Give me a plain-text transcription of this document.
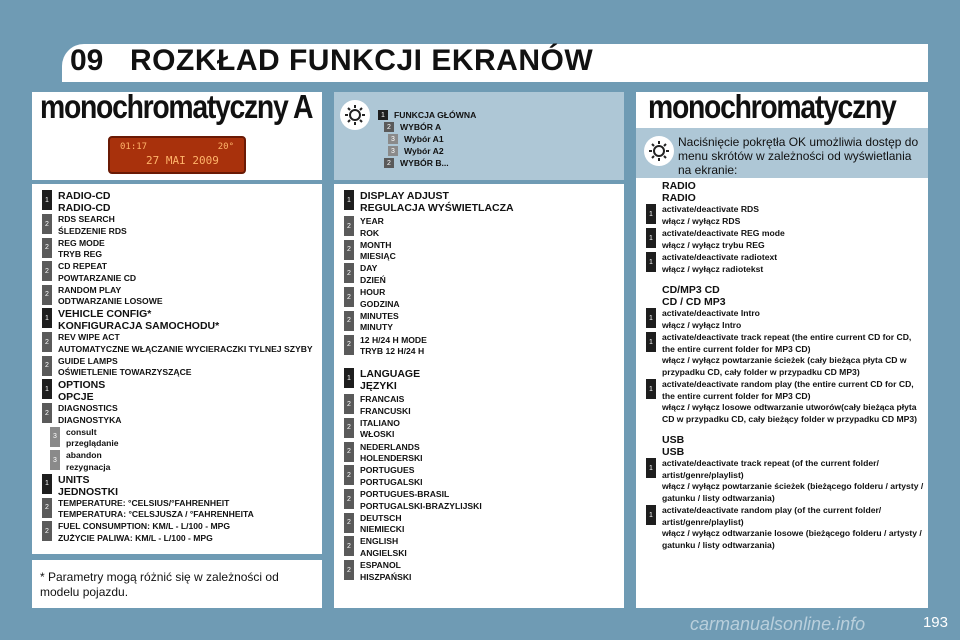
09 ROZKŁAD FUNKCJI EKRANÓW
monochromatyczny A
01:17	20°
27 MAI 2009
1 RADIO-CD
RADIO-CD
2	RDS SEARCH
ŚLEDZENIE RDS
2	REG MODE
TRYB REG
2	CD REPEAT
POWTARZANIE CD
2	RANDOM PLAY
ODTWARZANIE LOSOWE
1 VEHICLE CONFIG*
KONFIGURACJA SAMOCHODU*
2	REV WIPE ACT
AUTOMATYCZNE WŁĄCZANIE WYCIERACZKI TYLNEJ SZYBY
2	GUIDE LAMPS
OŚWIETLENIE TOWARZYSZĄCE
1 OPTIONS
OPCJE
2	DIAGNOSTICS
DIAGNOSTYKA
3	consult
przeglądanie
3	abandon
rezygnacja
1 UNITS
JEDNOSTKI
2	TEMPERATURE: °CELSIUS/°FAHRENHEIT
TEMPERATURA: °CELSJUSZA / °FAHRENHEITA
2	FUEL CONSUMPTION: KM/L - L/100 - MPG
ZUŻYCIE PALIWA: KM/L - L/100 - MPG
* Parametry mogą różnić się w zależności od modelu pojazdu.
1	FUNKCJA GŁÓWNA
2	WYBÓR A
3	Wybór A1
3	Wybór A2
2	WYBÓR B...
1 DISPLAY ADJUST
REGULACJA WYŚWIETLACZA
2	YEAR
ROK
2	MONTH
MIESIĄC
2	DAY
DZIEŃ
2	HOUR
GODZINA
2	MINUTES
MINUTY
2	12 H/24 H MODE
TRYB 12 H/24 H
1 LANGUAGE
JĘZYKI
2	FRANCAIS
FRANCUSKI
2	ITALIANO
WŁOSKI
2	NEDERLANDS
HOLENDERSKI
2	PORTUGUES
PORTUGALSKI
2	PORTUGUES-BRASIL
PORTUGALSKI-BRAZYLIJSKI
2	DEUTSCH
NIEMIECKI
2	ENGLISH
ANGIELSKI
2	ESPANOL
HISZPAŃSKI
monochromatyczny
Naciśnięcie pokrętła OK umożliwia dostęp do menu skrótów w zależności od wyświetlania na ekranie:
RADIO
RADIO
1	activate/deactivate RDS
włącz / wyłącz RDS
1	activate/deactivate REG mode
włącz / wyłącz trybu REG
1	activate/deactivate radiotext
włącz / wyłącz radiotekst
CD/MP3 CD
CD / CD MP3
1	activate/deactivate Intro
włącz / wyłącz Intro
1	activate/deactivate track repeat (the entire current CD for CD, the entire current folder for MP3 CD)
włącz / wyłącz powtarzanie ścieżek (cały bieżąca płyta CD w przypadku CD, cały folder w przypadku CD MP3)
1	activate/deactivate random play (the entire current CD for CD, the entire current folder for MP3 CD)
włącz / wyłącz losowe odtwarzanie utworów(cały bieżąca płyta CD w przypadku CD, cały bieżący folder w przypadku CD MP3)
USB
USB
1	activate/deactivate track repeat (of the current folder/ artist/genre/playlist)
włącz / wyłącz powtarzanie ścieżek (bieżącego folderu / artysty / gatunku / listy odtwarzania)
1	activate/deactivate random play (of the current folder/ artist/genre/playlist)
włącz / wyłącz odtwarzanie losowe (bieżącego folderu / artysty / gatunku / listy odtwarzania)
carmanualsonline.info	193
